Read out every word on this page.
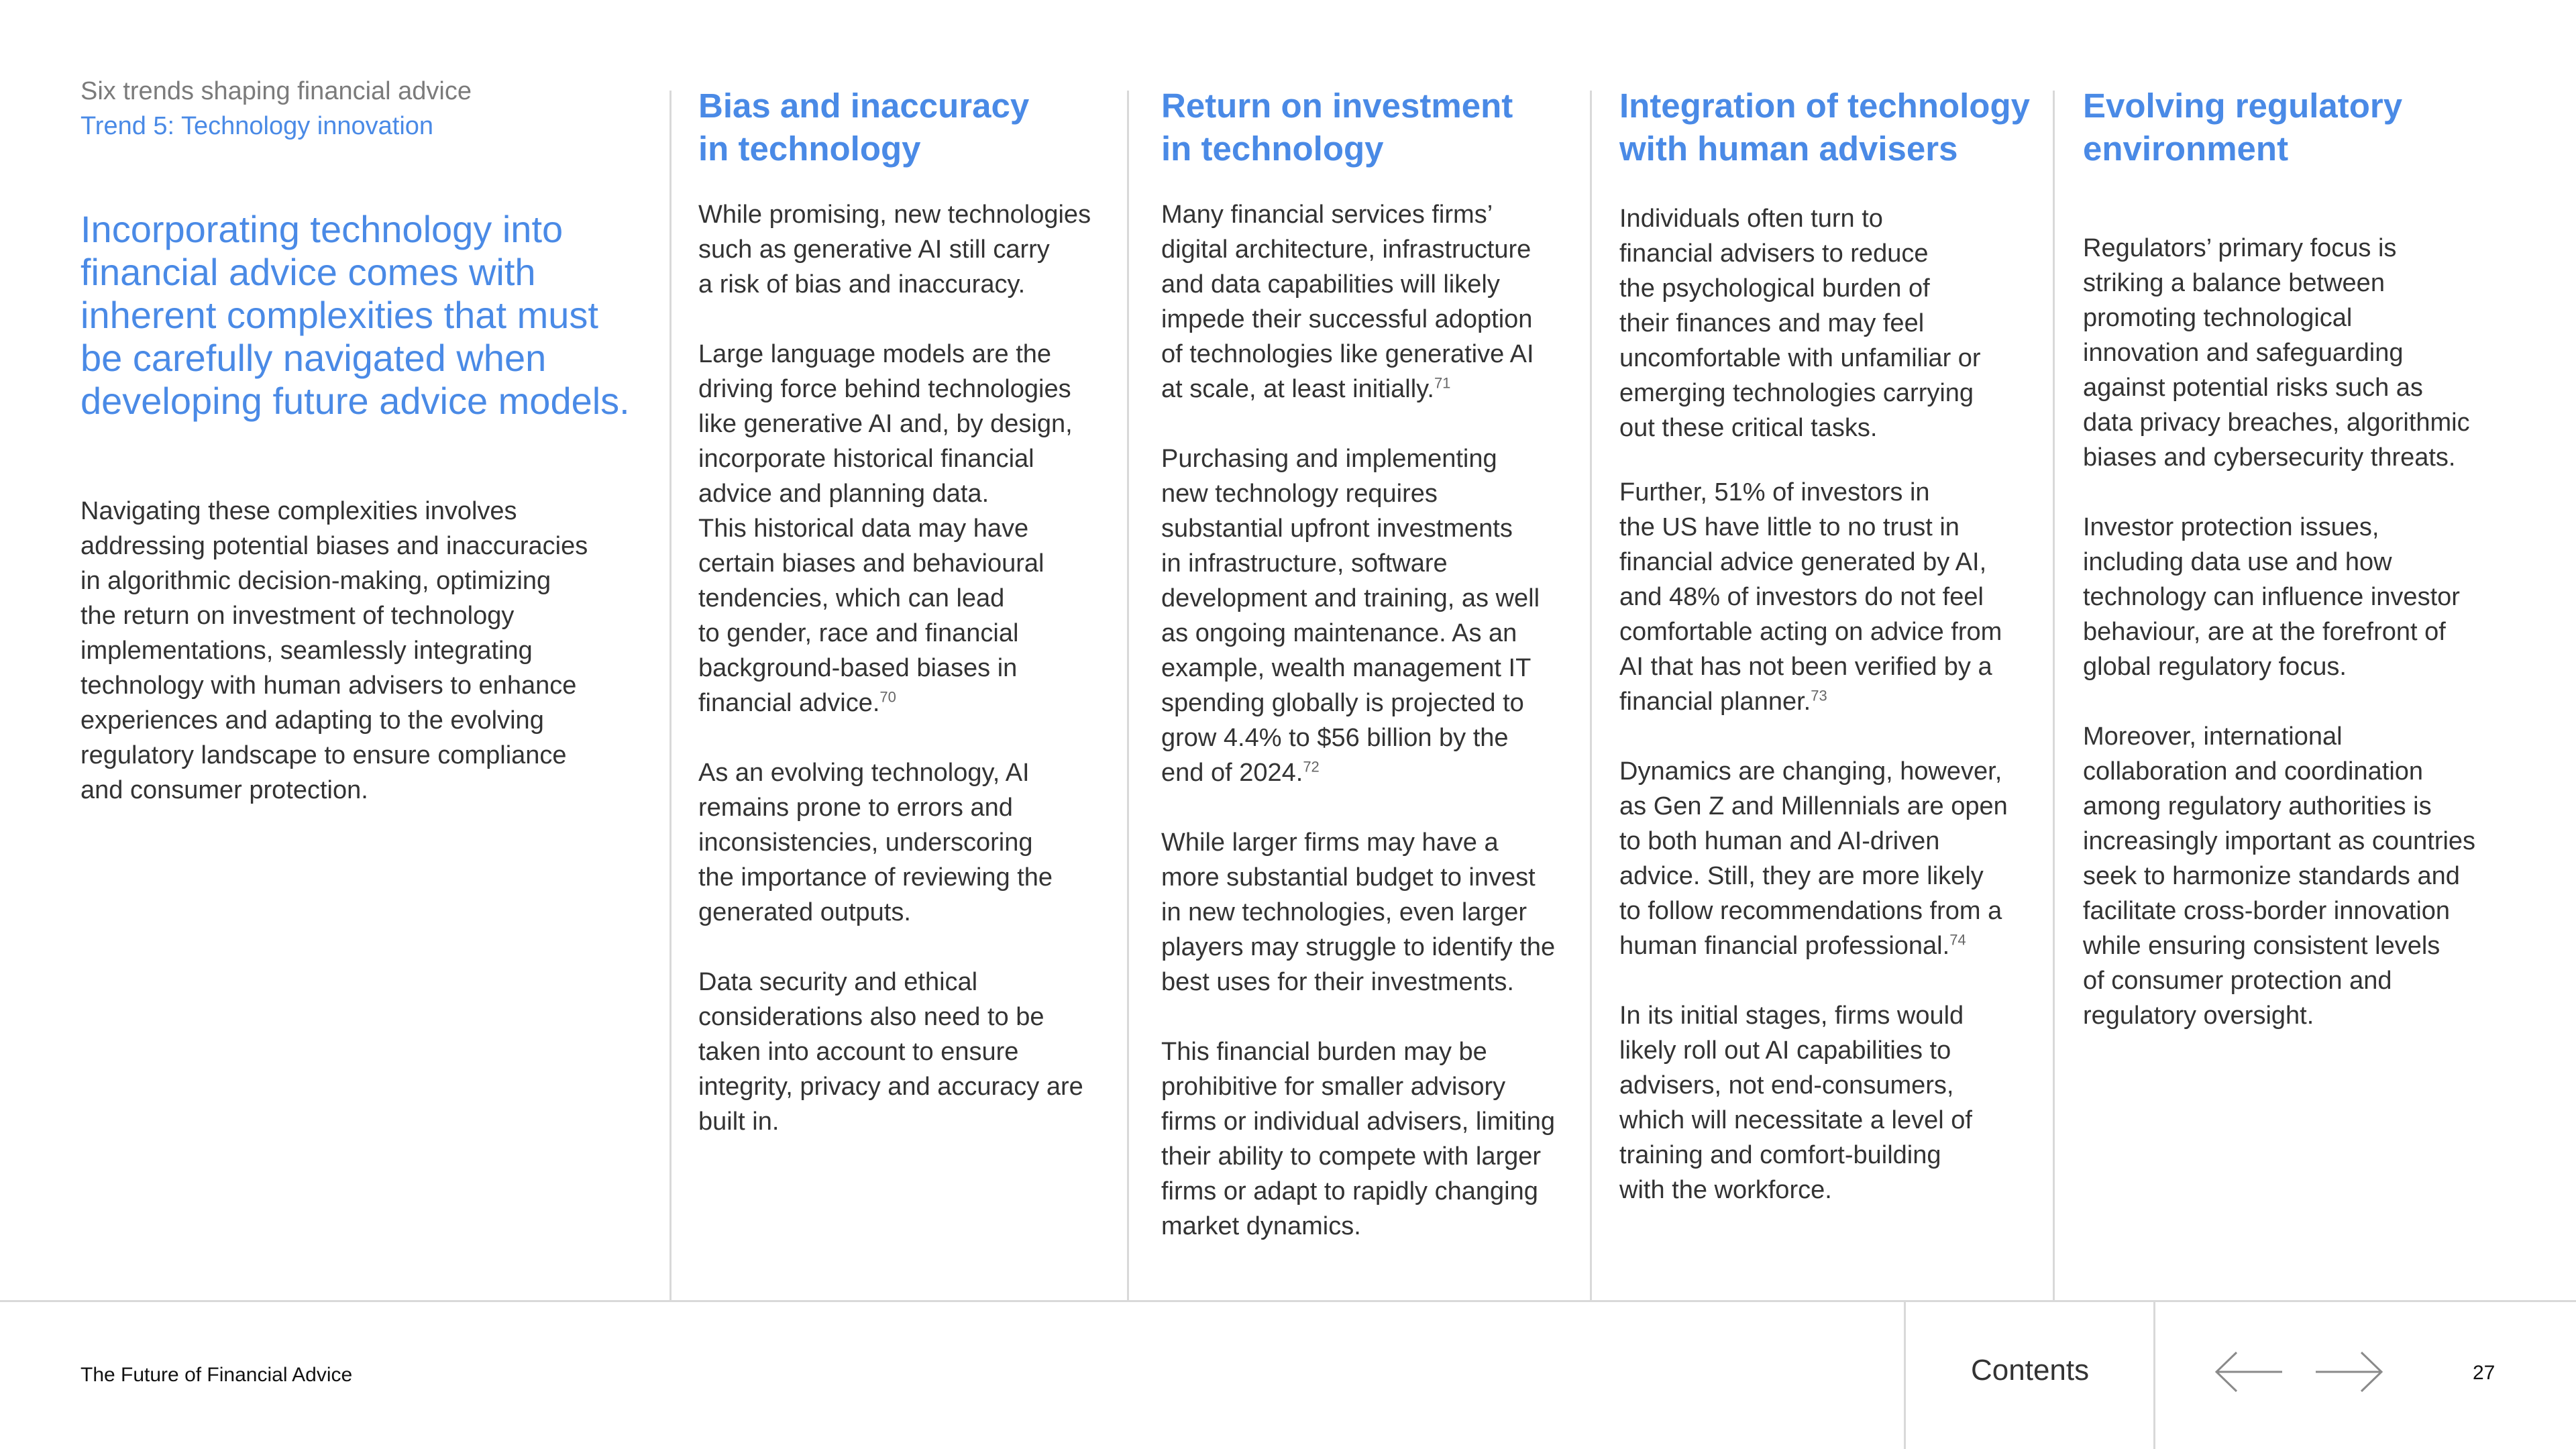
Six trends shaping financial advice

Trend 5: Technology innovation

Incorporating technology into
financial advice comes with
inherent complexities that must
be carefully navigated when
developing future advice models.
Navigating these complexities involves
addressing potential biases and inaccuracies
in algorithmic decision-making, optimizing
the return on investment of technology
implementations, seamlessly integrating
technology with human advisers to enhance
experiences and adapting to the evolving
regulatory landscape to ensure compliance
and consumer protection.
Bias and inaccuracy
in technology

While promising, new technologies
such as generative AI still carry
a risk of bias and inaccuracy.

Large language models are the
driving force behind technologies
like generative AI and, by design,
incorporate historical financial
advice and planning data.
This historical data may have
certain biases and behavioural
tendencies, which can lead
to gender, race and financial
background-based biases in
financial advice.$^{70}$

As an evolving technology, AI
remains prone to errors and
inconsistencies, underscoring
the importance of reviewing the
generated outputs.

Data security and ethical
considerations also need to be
taken into account to ensure
integrity, privacy and accuracy are
built in.

Return on investment
in technology

Many financial services firms’
digital architecture, infrastructure
and data capabilities will likely
impede their successful adoption
of technologies like generative AI
at scale, at least initially.$^{71}$

Purchasing and implementing
new technology requires
substantial upfront investments
in infrastructure, software
development and training, as well
as ongoing maintenance. As an
example, wealth management IT
spending globally is projected to
grow 4.4% to $56 billion by the
end of 2024.72

While larger firms may have a
more substantial budget to invest
in new technologies, even larger
players may struggle to identify the
best uses for their investments.

This financial burden may be
prohibitive for smaller advisory
firms or individual advisers, limiting
their ability to compete with larger
firms or adapt to rapidly changing
market dynamics.

Integration of technology
with human advisers

Individuals often turn to
financial advisers to reduce
the psychological burden of
their finances and may feel
uncomfortable with unfamiliar or
emerging technologies carrying
out these critical tasks.

Further, 51% of investors in
the US have little to no trust in
financial advice generated by AI,
and 48% of investors do not feel
comfortable acting on advice from
AI that has not been verified by a
financial planner.$^{73}$

Dynamics are changing, however,
as Gen Z and Millennials are open
to both human and AI-driven
advice. Still, they are more likely
to follow recommendations from a
human financial professional.$^{74}$

In its initial stages, firms would
likely roll out AI capabilities to
advisers, not end-consumers,
which will necessitate a level of
training and comfort-building
with the workforce.

Evolving regulatory
environment

Regulators’ primary focus is
striking a balance between
promoting technological
innovation and safeguarding
against potential risks such as
data privacy breaches, algorithmic
biases and cybersecurity threats.

Investor protection issues,
including data use and how
technology can influence investor
behaviour, are at the forefront of
global regulatory focus.

Moreover, international
collaboration and coordination
among regulatory authorities is
increasingly important as countries
seek to harmonize standards and
facilitate cross-border innovation
while ensuring consistent levels
of consumer protection and
regulatory oversight.

The Future of Financial Advice	Contents	27
